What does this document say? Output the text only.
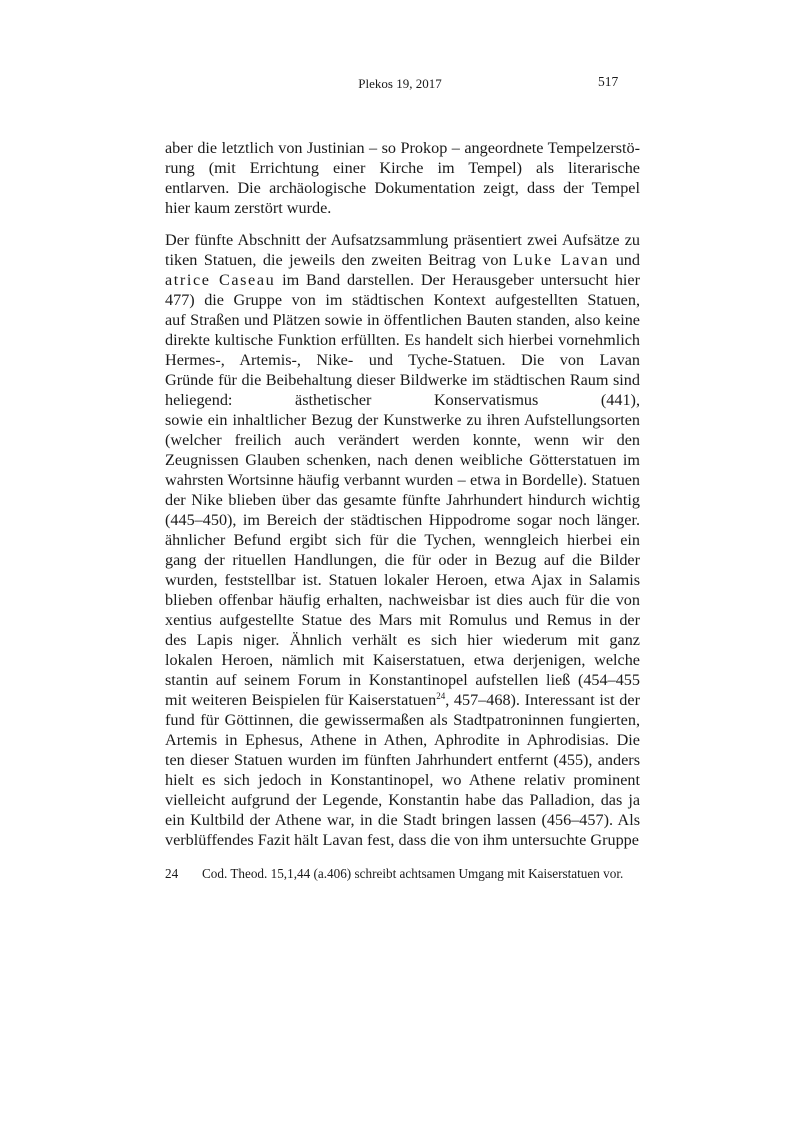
Plekos 19, 2017	517
aber die letztlich von Justinian – so Prokop – angeordnete Tempelzerstö-
rung (mit Errichtung einer Kirche im Tempel) als literarische
entlarven. Die archäologische Dokumentation zeigt, dass der Tempel
hier kaum zerstört wurde.
Der fünfte Abschnitt der Aufsatzsammlung präsentiert zwei Aufsätze zu
tiken Statuen, die jeweils den zweiten Beitrag von Luke Lavan und
atrice Caseau im Band darstellen. Der Herausgeber untersucht hier
477) die Gruppe von im städtischen Kontext aufgestellten Statuen,
auf Straßen und Plätzen sowie in öffentlichen Bauten standen, also keine
direkte kultische Funktion erfüllten. Es handelt sich hierbei vornehmlich
Hermes-, Artemis-, Nike- und Tyche-Statuen. Die von Lavan
Gründe für die Beibehaltung dieser Bildwerke im städtischen Raum sind
heliegend: ästhetischer Konservatismus (441),
sowie ein inhaltlicher Bezug der Kunstwerke zu ihren Aufstellungsorten
(welcher freilich auch verändert werden konnte, wenn wir den
Zeugnissen Glauben schenken, nach denen weibliche Götterstatuen im
wahrsten Wortsinne häufig verbannt wurden – etwa in Bordelle). Statuen
der Nike blieben über das gesamte fünfte Jahrhundert hindurch wichtig
(445–450), im Bereich der städtischen Hippodrome sogar noch länger.
ähnlicher Befund ergibt sich für die Tychen, wenngleich hierbei ein
gang der rituellen Handlungen, die für oder in Bezug auf die Bilder
wurden, feststellbar ist. Statuen lokaler Heroen, etwa Ajax in Salamis
blieben offenbar häufig erhalten, nachweisbar ist dies auch für die von
xentius aufgestellte Statue des Mars mit Romulus und Remus in der
des Lapis niger. Ähnlich verhält es sich hier wiederum mit ganz
lokalen Heroen, nämlich mit Kaiserstatuen, etwa derjenigen, welche
stantin auf seinem Forum in Konstantinopel aufstellen ließ (454–455
mit weiteren Beispielen für Kaiserstatuen$^{24}$, 457–468). Interessant ist der
fund für Göttinnen, die gewissermaßen als Stadtpatroninnen fungierten,
Artemis in Ephesus, Athene in Athen, Aphrodite in Aphrodisias. Die
ten dieser Statuen wurden im fünften Jahrhundert entfernt (455), anders
hielt es sich jedoch in Konstantinopel, wo Athene relativ prominent
vielleicht aufgrund der Legende, Konstantin habe das Palladion, das ja
ein Kultbild der Athene war, in die Stadt bringen lassen (456–457). Als
verblüffendes Fazit hält Lavan fest, dass die von ihm untersuchte Gruppe
24	Cod. Theod. 15,1,44 (a.406) schreibt achtsamen Umgang mit Kaiserstatuen vor.
